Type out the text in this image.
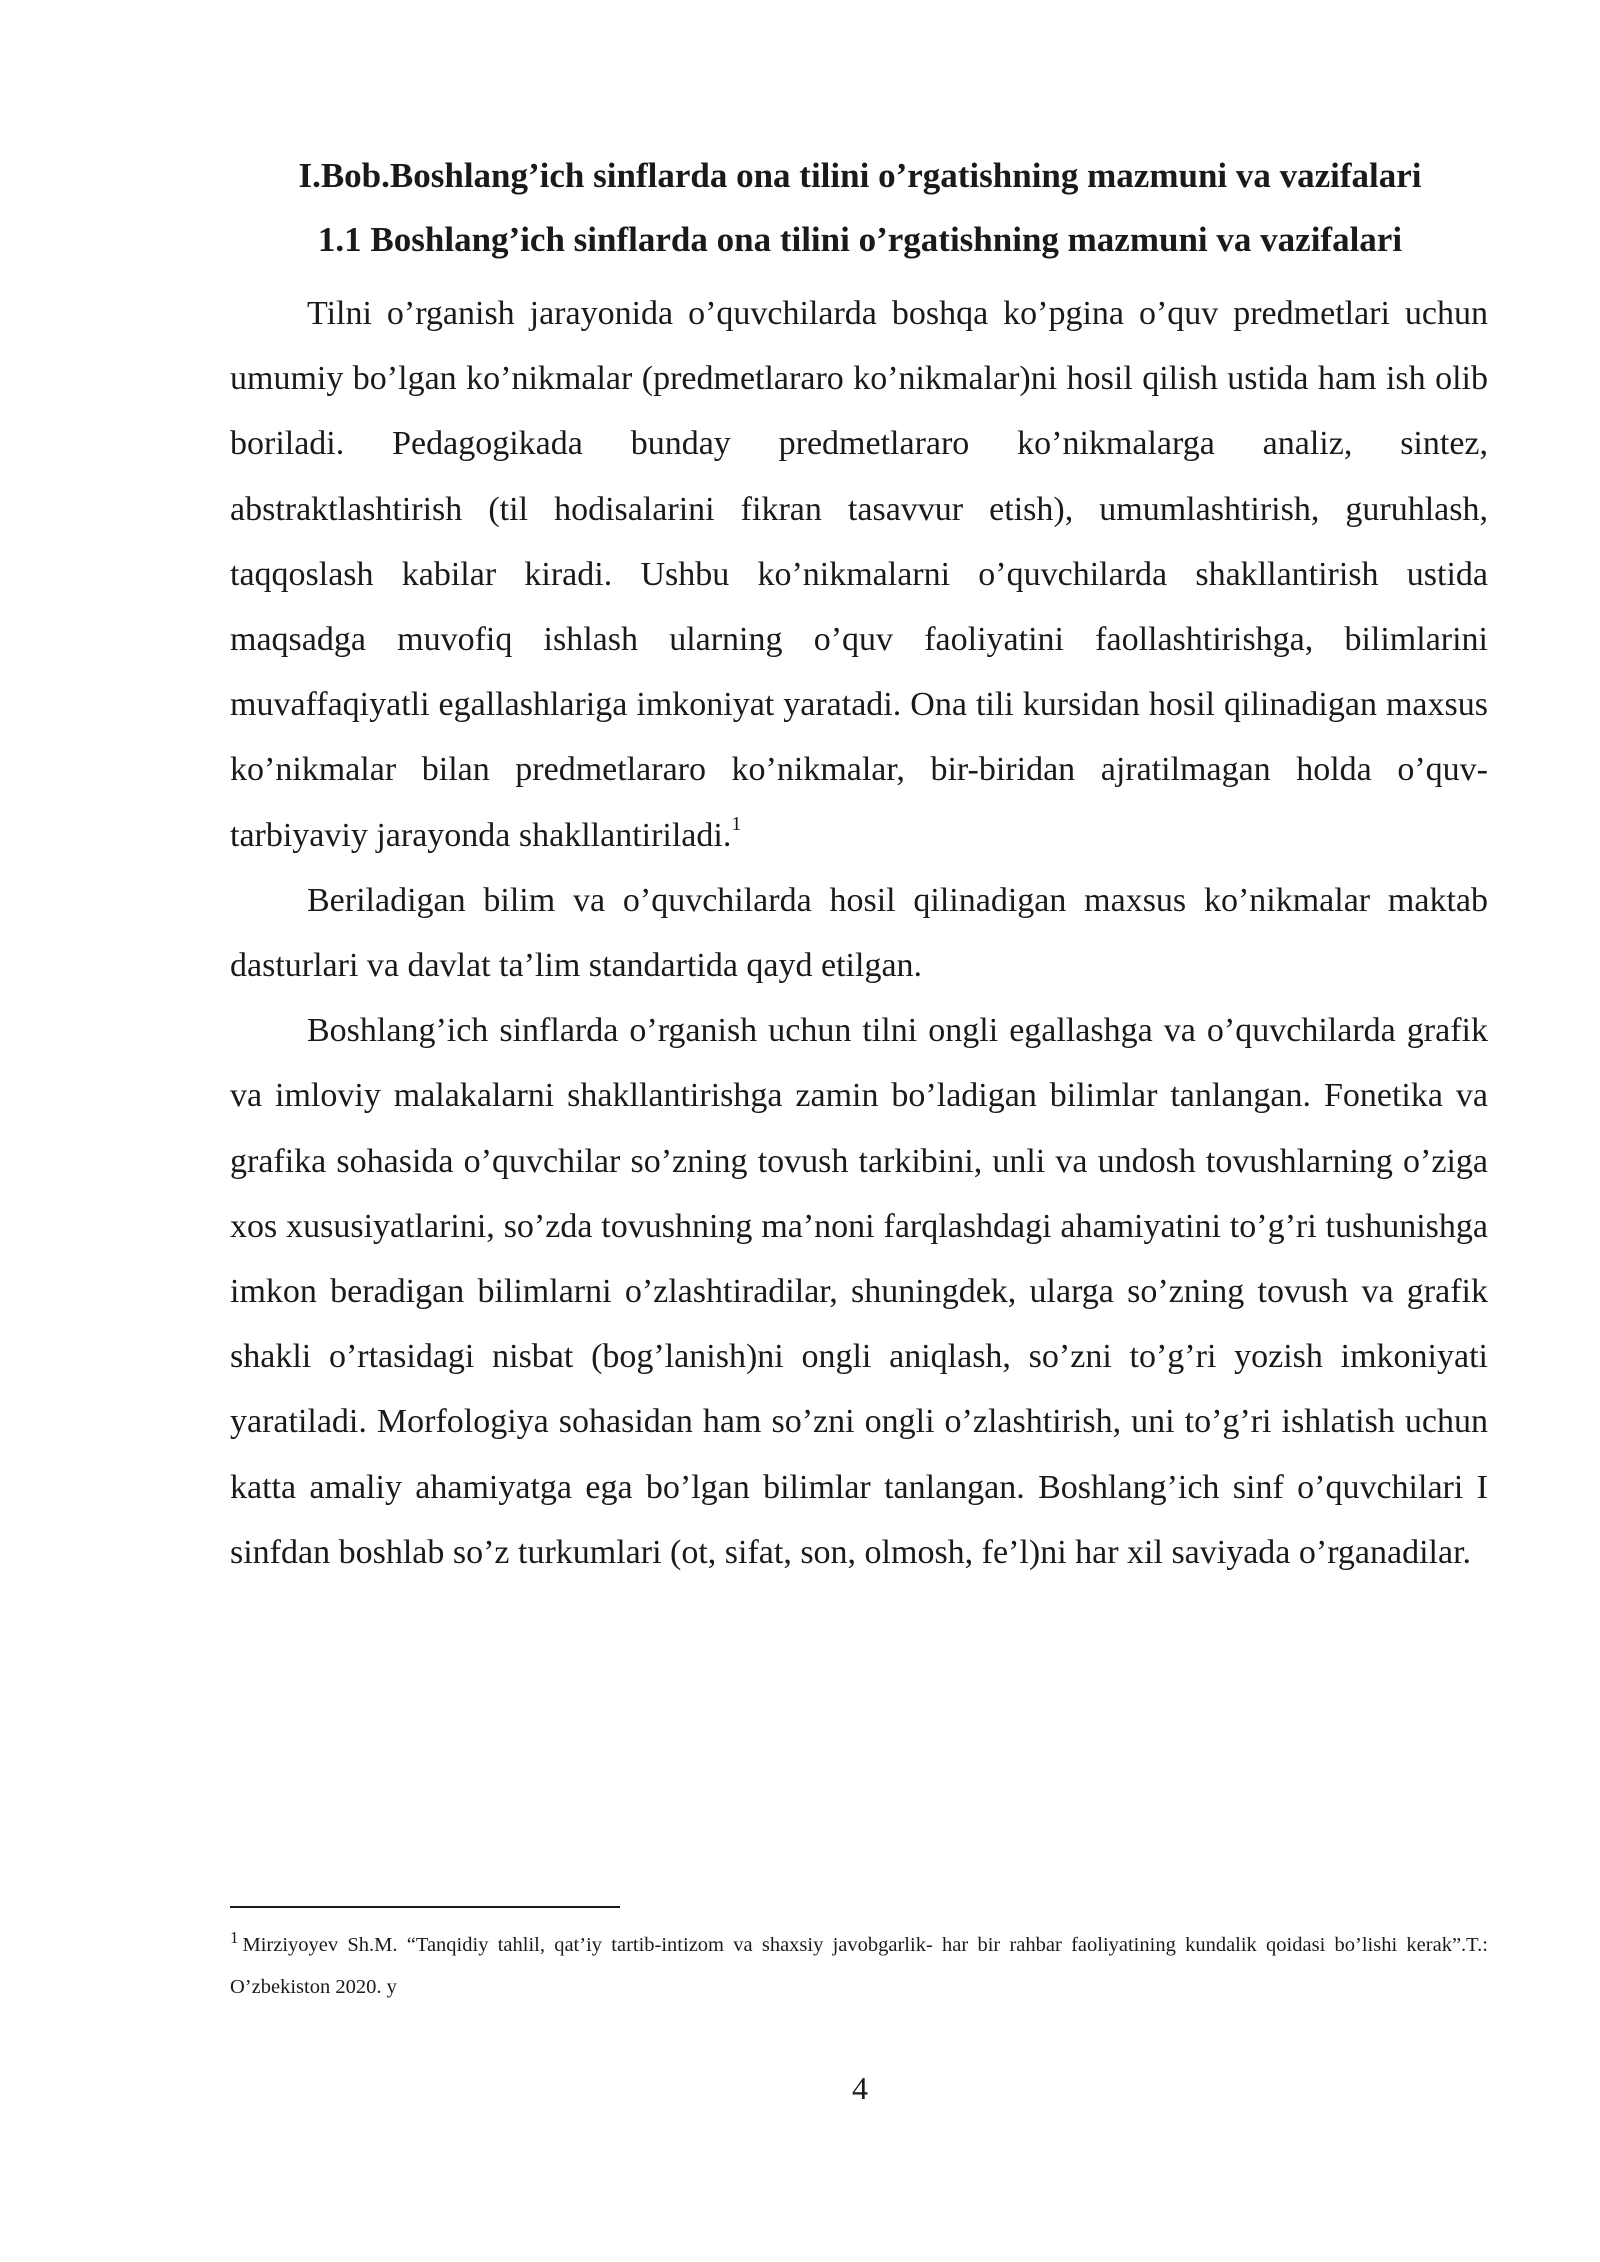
I.Bob.Boshlang’ich sinflarda ona tilini o’rgatishning mazmuni va vazifalari
1.1 Boshlang’ich sinflarda ona tilini o’rgatishning mazmuni va vazifalari

Tilni o’rganish jarayonida o’quvchilarda boshqa ko’pgina o’quv predmetlari uchun umumiy bo’lgan ko’nikmalar (predmetlararo ko’nikmalar)ni hosil qilish ustida ham ish olib boriladi. Pedagogikada bunday predmetlararo ko’nikmalarga analiz, sintez, abstraktlashtirish (til hodisalarini fikran tasavvur etish), umumlashtirish, guruhlash, taqqoslash kabilar kiradi. Ushbu ko’nikmalarni o’quvchilarda shakllantirish ustida maqsadga muvofiq ishlash ularning o’quv faoliyatini faollashtirishga, bilimlarini muvaffaqiyatli egallashlariga imkoniyat yaratadi. Ona tili kursidan hosil qilinadigan maxsus ko’nikmalar bilan predmetlararo ko’nikmalar, bir-biridan ajratilmagan holda o’quv-tarbiyaviy jarayonda shakllantiriladi.$^1$

Beriladigan bilim va o’quvchilarda hosil qilinadigan maxsus ko’nikmalar maktab dasturlari va davlat ta’lim standartida qayd etilgan.

Boshlang’ich sinflarda o’rganish uchun tilni ongli egallashga va o’quvchilarda grafik va imloviy malakalarni shakllantirishga zamin bo’ladigan bilimlar tanlangan. Fonetika va grafika sohasida o’quvchilar so’zning tovush tarkibini, unli va undosh tovushlarning o’ziga xos xususiyatlarini, so’zda tovushning ma’noni farqlashdagi ahamiyatini to’g’ri tushunishga imkon beradigan bilimlarni o’zlashtiradilar, shuningdek, ularga so’zning tovush va grafik shakli o’rtasidagi nisbat (bog’lanish)ni ongli aniqlash, so’zni to’g’ri yozish imkoniyati yaratiladi. Morfologiya sohasidan ham so’zni ongli o’zlashtirish, uni to’g’ri ishlatish uchun katta amaliy ahamiyatga ega bo’lgan bilimlar tanlangan. Boshlang’ich sinf o’quvchilari I sinfdan boshlab so’z turkumlari (ot, sifat, son, olmosh, fe’l)ni har xil saviyada o’rganadilar.

$^1$ Mirziyoyev Sh.M. “Tanqidiy tahlil, qat’iy tartib-intizom va shaxsiy javobgarlik- har bir rahbar faoliyatining kundalik qoidasi bo’lishi kerak”.T.: O’zbekiston 2020. y
4
